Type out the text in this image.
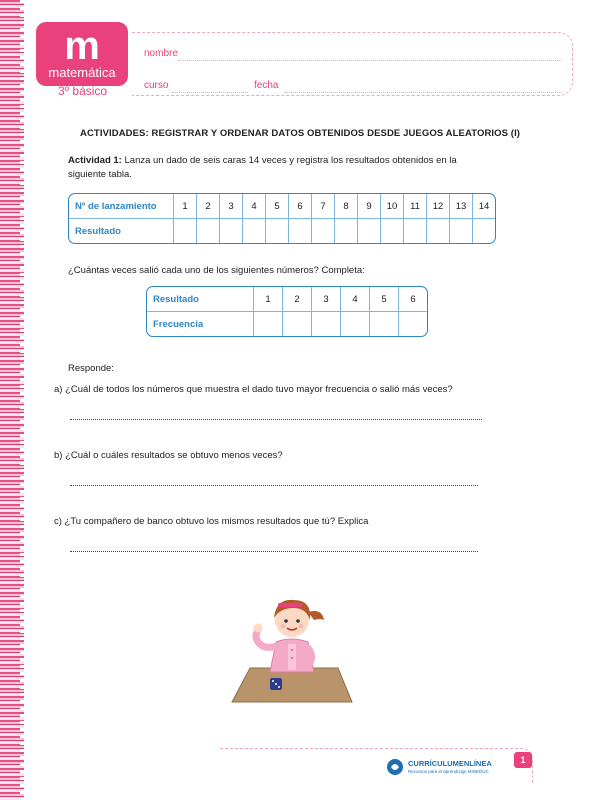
m
matemática
3º básico
nombre
curso	fecha
ACTIVIDADES: REGISTRAR Y ORDENAR DATOS OBTENIDOS DESDE JUEGOS ALEATORIOS (I)
Actividad 1: Lanza un dado de seis caras 14 veces y registra los resultados obtenidos en la siguiente tabla.
Nº de lanzamiento	1	2	3	4	5	6	7	8	9	10	11	12	13	14
Resultado														
¿Cuántas veces salió cada uno de los siguientes números? Completa:
Resultado	1	2	3	4	5	6
Frecuencia						
Responde:
a) ¿Cuál de todos los números que muestra el dado tuvo mayor frecuencia o salió más veces?
b) ¿Cuál o cuáles resultados se obtuvo menos veces?
c) ¿Tu compañero de banco obtuvo los mismos resultados que tú? Explica
CURRÍCULUMENLÍNEA
Recursos para el aprendizaje MINEDUC
1
